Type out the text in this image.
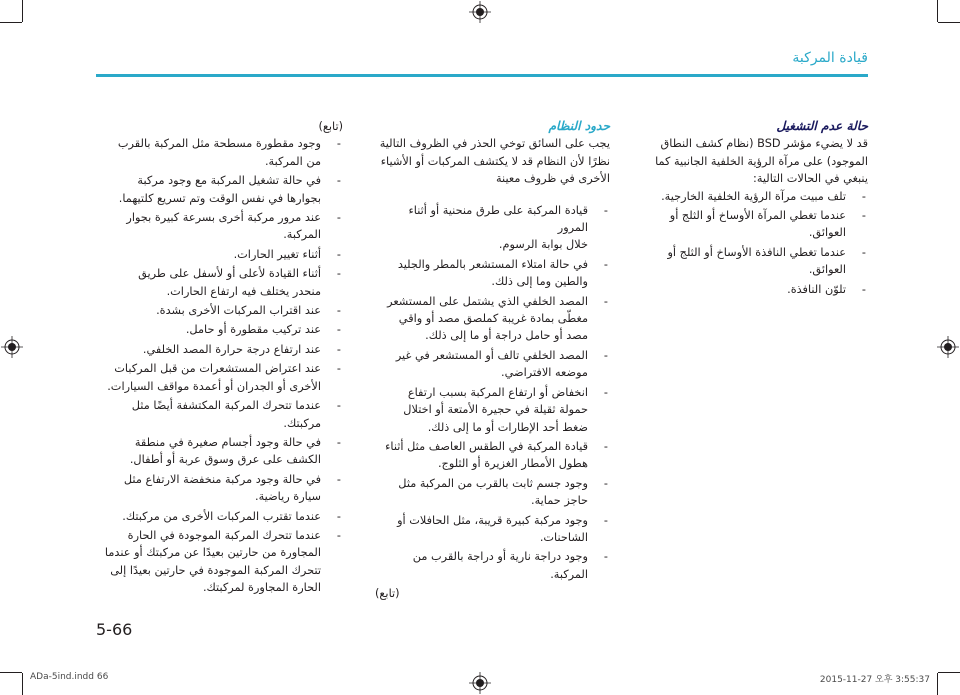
قيادة المركبة
حالة عدم التشغيل
قد لا يضيء مؤشر BSD (نظام كشف النطاق
الموجود) على مرآة الرؤية الخلفية الجانبية كما
ينبغي في الحالات التالية:
-
تلف مبيت مرآة الرؤية الخلفية الخارجية.
-
عندما تغطي المرآة الأوساخ أو الثلج أو
العوائق.
-
عندما تغطي النافذة الأوساخ أو الثلج أو
العوائق.
-
تلوّن النافذة.
حدود النظام
يجب على السائق توخي الحذر في الظروف التالية
نظرًا لأن النظام قد لا يكتشف المركبات أو الأشياء
الأخرى في ظروف معينة
-
قيادة المركبة على طرق منحنية أو أثناء المرور
خلال بوابة الرسوم.
-
في حالة امتلاء المستشعر بالمطر والجليد
والطين وما إلى ذلك.
-
المصد الخلفي الذي يشتمل على المستشعر
مغطّى بمادة غريبة كملصق مصد أو واقي
مصد أو حامل دراجة أو ما إلى ذلك.
-
المصد الخلفي تالف أو المستشعر في غير
موضعه الافتراضي.
-
انخفاض أو ارتفاع المركبة بسبب ارتفاع
حمولة ثقيلة في حجيرة الأمتعة أو اختلال
ضغط أحد الإطارات أو ما إلى ذلك.
-
قيادة المركبة في الطقس العاصف مثل أثناء
هطول الأمطار الغزيرة أو الثلوج.
-
وجود جسم ثابت بالقرب من المركبة مثل
حاجز حماية.
-
وجود مركبة كبيرة قريبة، مثل الحافلات أو
الشاحنات.
-
وجود دراجة نارية أو دراجة بالقرب من
المركبة.
(تابع)
(تابع)
-
وجود مقطورة مسطحة مثل المركبة بالقرب
من المركبة.
-
في حالة تشغيل المركبة مع وجود مركبة
بجوارها في نفس الوقت وتم تسريع كلتيهما.
-
عند مرور مركبة أخرى بسرعة كبيرة بجوار
المركبة.
-
أثناء تغيير الحارات.
-
أثناء القيادة لأعلى أو لأسفل على طريق
منحدر يختلف فيه ارتفاع الحارات.
-
عند اقتراب المركبات الأخرى بشدة.
-
عند تركيب مقطورة أو حامل.
-
عند ارتفاع درجة حرارة المصد الخلفي.
-
عند اعتراض المستشعرات من قبل المركبات
الأخرى أو الجدران أو أعمدة مواقف السيارات.
-
عندما تتحرك المركبة المكتشفة أيضًا مثل
مركبتك.
-
في حالة وجود أجسام صغيرة في منطقة
الكشف على عرق وسوق عربة أو أطفال.
-
في حالة وجود مركبة منخفضة الارتفاع مثل
سيارة رياضية.
-
عندما تقترب المركبات الأخرى من مركبتك.
-
عندما تتحرك المركبة الموجودة في الحارة
المجاورة من حارتين بعيدًا عن مركبتك أو عندما
تتحرك المركبة الموجودة في حارتين بعيدًا إلى
الحارة المجاورة لمركبتك.
5-66
ADa-5ind.indd 66	2015-11-27 오후 3:55:37
